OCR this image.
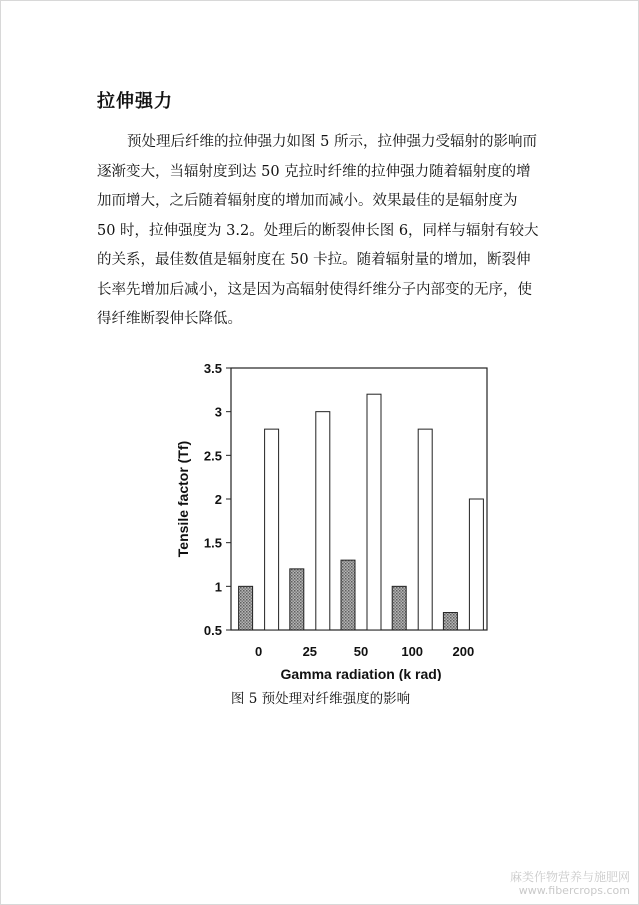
拉伸强力

预处理后纤维的拉伸强力如图 5 所示，拉伸强力受辐射的影响而
逐渐变大，当辐射度到达 50 克拉时纤维的拉伸强力随着辐射度的增
加而增大，之后随着辐射度的增加而减小。效果最佳的是辐射度为
50 时，拉伸强度为 3.2。处理后的断裂伸长图 6，同样与辐射有较大
的关系，最佳数值是辐射度在 50 卡拉。随着辐射量的增加，断裂伸
长率先增加后减小，这是因为高辐射使得纤维分子内部变的无序，使
得纤维断裂伸长降低。

0.5
1
1.5
2
2.5
3
3.5
0	25	50	100 200
Gamma radiation (k rad)
Tensile factor (Tf)
图 5 预处理对纤维强度的影响
麻类作物营养与施肥网
www.fibercrops.com
